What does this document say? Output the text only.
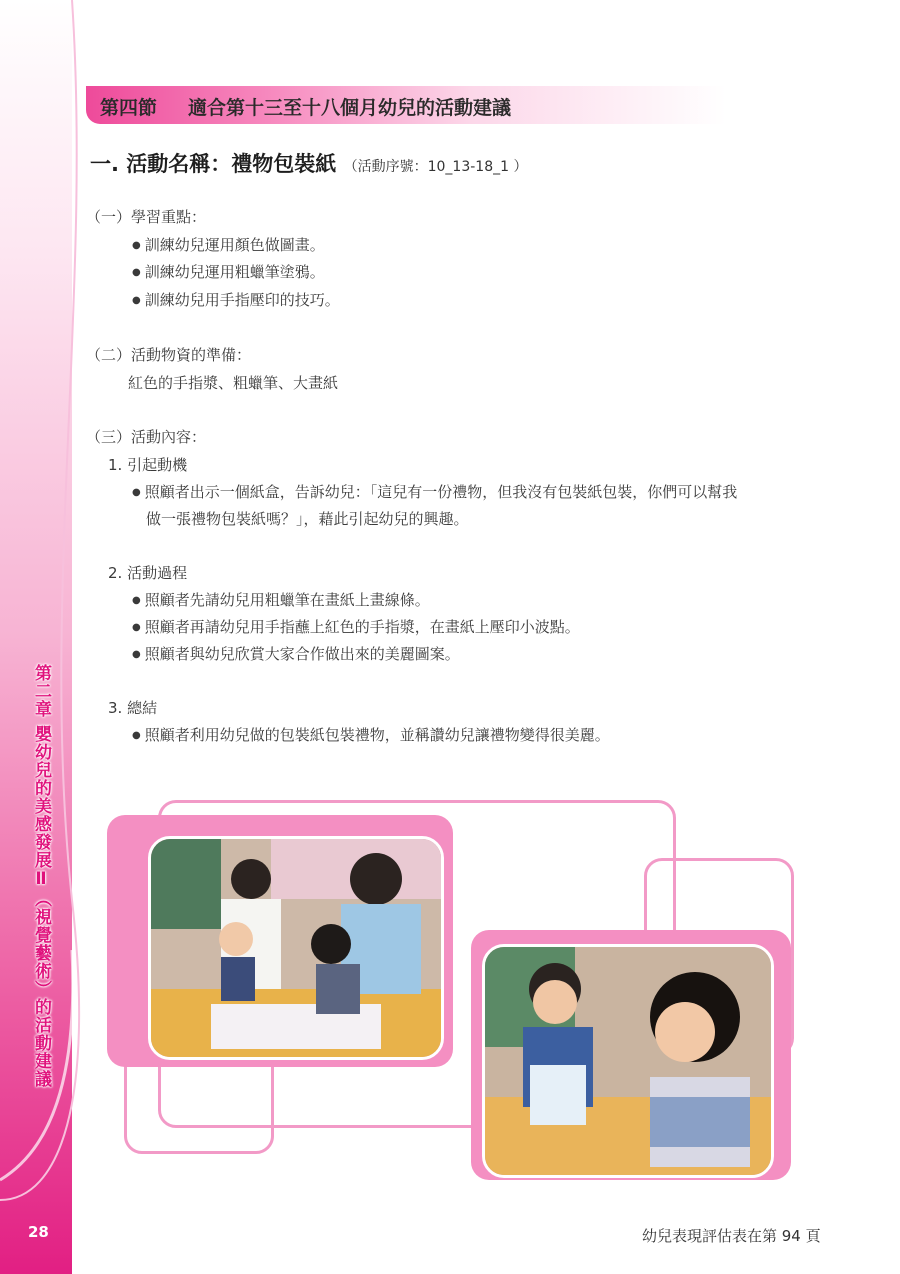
第二章 嬰幼兒的美感發展Ⅱ︵視覺藝術︶的活動建議
28
第四節 適合第十三至十八個月幼兒的活動建議
一. 活動名稱：禮物包裝紙 （活動序號：10_13-18_1 ）
（一）學習重點：
● 訓練幼兒運用顏色做圖畫。
● 訓練幼兒運用粗蠟筆塗鴉。
● 訓練幼兒用手指壓印的技巧。
（二）活動物資的準備：
紅色的手指漿、粗蠟筆、大畫紙
（三）活動內容：
1. 引起動機
● 照顧者出示一個紙盒，告訴幼兒：「這兒有一份禮物，但我沒有包裝紙包裝，你們可以幫我
做一張禮物包裝紙嗎？」，藉此引起幼兒的興趣。
2. 活動過程
● 照顧者先請幼兒用粗蠟筆在畫紙上畫線條。
● 照顧者再請幼兒用手指蘸上紅色的手指漿，在畫紙上壓印小波點。
● 照顧者與幼兒欣賞大家合作做出來的美麗圖案。
3. 總結
● 照顧者利用幼兒做的包裝紙包裝禮物，並稱讚幼兒讓禮物變得很美麗。
幼兒表現評估表在第 94 頁
